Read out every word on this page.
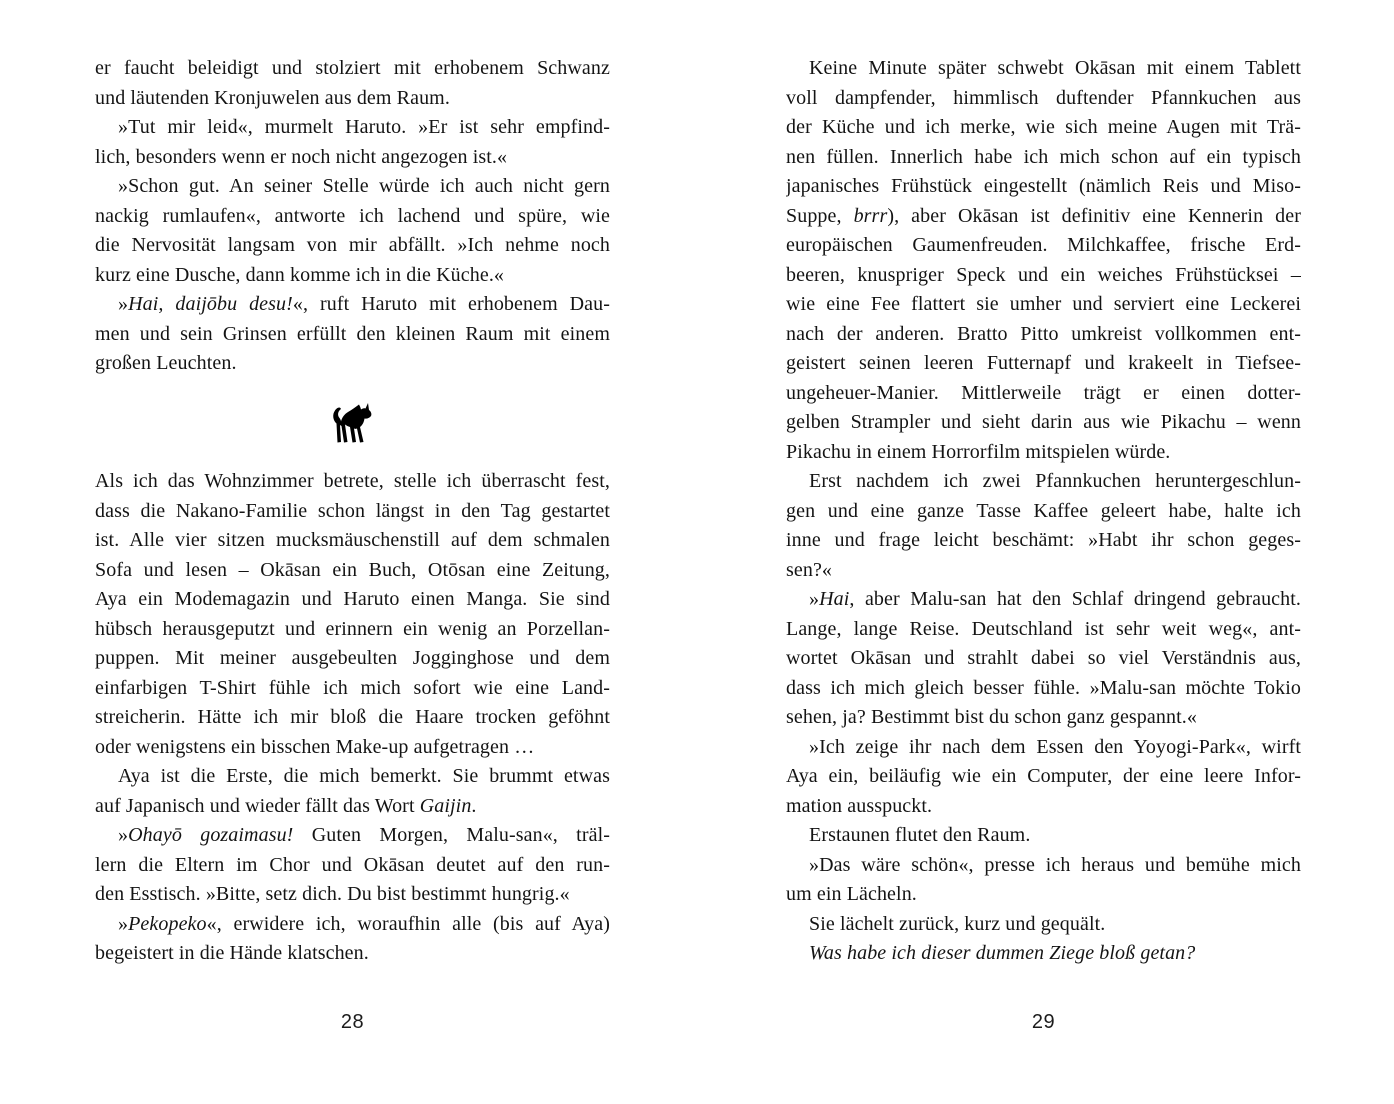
er faucht beleidigt und stolziert mit erhobenem Schwanz
und läutenden Kronjuwelen aus dem Raum.
»Tut mir leid«, murmelt Haruto. »Er ist sehr empfind-
lich, besonders wenn er noch nicht angezogen ist.«
»Schon gut. An seiner Stelle würde ich auch nicht gern
nackig rumlaufen«, antworte ich lachend und spüre, wie
die Nervosität langsam von mir abfällt. »Ich nehme noch
kurz eine Dusche, dann komme ich in die Küche.«
»Hai, daijōbu desu!«, ruft Haruto mit erhobenem Dau-
men und sein Grinsen erfüllt den kleinen Raum mit einem
großen Leuchten.
Als ich das Wohnzimmer betrete, stelle ich überrascht fest,
dass die Nakano-Familie schon längst in den Tag gestartet
ist. Alle vier sitzen mucksmäuschenstill auf dem schmalen
Sofa und lesen – Okāsan ein Buch, Otōsan eine Zeitung,
Aya ein Modemagazin und Haruto einen Manga. Sie sind
hübsch herausgeputzt und erinnern ein wenig an Porzellan-
puppen. Mit meiner ausgebeulten Jogginghose und dem
einfarbigen T-Shirt fühle ich mich sofort wie eine Land-
streicherin. Hätte ich mir bloß die Haare trocken geföhnt
oder wenigstens ein bisschen Make-up aufgetragen …
Aya ist die Erste, die mich bemerkt. Sie brummt etwas
auf Japanisch und wieder fällt das Wort Gaijin.
»Ohayō gozaimasu! Guten Morgen, Malu-san«, träl-
lern die Eltern im Chor und Okāsan deutet auf den run-
den Esstisch. »Bitte, setz dich. Du bist bestimmt hungrig.«
»Pekopeko«, erwidere ich, woraufhin alle (bis auf Aya)
begeistert in die Hände klatschen.
28
Keine Minute später schwebt Okāsan mit einem Tablett
voll dampfender, himmlisch duftender Pfannkuchen aus
der Küche und ich merke, wie sich meine Augen mit Trä-
nen füllen. Innerlich habe ich mich schon auf ein typisch
japanisches Frühstück eingestellt (nämlich Reis und Miso-
Suppe, brrr), aber Okāsan ist definitiv eine Kennerin der
europäischen Gaumenfreuden. Milchkaffee, frische Erd-
beeren, knuspriger Speck und ein weiches Frühstücksei –
wie eine Fee flattert sie umher und serviert eine Leckerei
nach der anderen. Bratto Pitto umkreist vollkommen ent-
geistert seinen leeren Futternapf und krakeelt in Tiefsee-
ungeheuer-Manier. Mittlerweile trägt er einen dotter-
gelben Strampler und sieht darin aus wie Pikachu – wenn
Pikachu in einem Horrorfilm mitspielen würde.
Erst nachdem ich zwei Pfannkuchen heruntergeschlun-
gen und eine ganze Tasse Kaffee geleert habe, halte ich
inne und frage leicht beschämt: »Habt ihr schon geges-
sen?«
»Hai, aber Malu-san hat den Schlaf dringend gebraucht.
Lange, lange Reise. Deutschland ist sehr weit weg«, ant-
wortet Okāsan und strahlt dabei so viel Verständnis aus,
dass ich mich gleich besser fühle. »Malu-san möchte Tokio
sehen, ja? Bestimmt bist du schon ganz gespannt.«
»Ich zeige ihr nach dem Essen den Yoyogi-Park«, wirft
Aya ein, beiläufig wie ein Computer, der eine leere Infor-
mation ausspuckt.
Erstaunen flutet den Raum.
»Das wäre schön«, presse ich heraus und bemühe mich
um ein Lächeln.
Sie lächelt zurück, kurz und gequält.
Was habe ich dieser dummen Ziege bloß getan?
29
